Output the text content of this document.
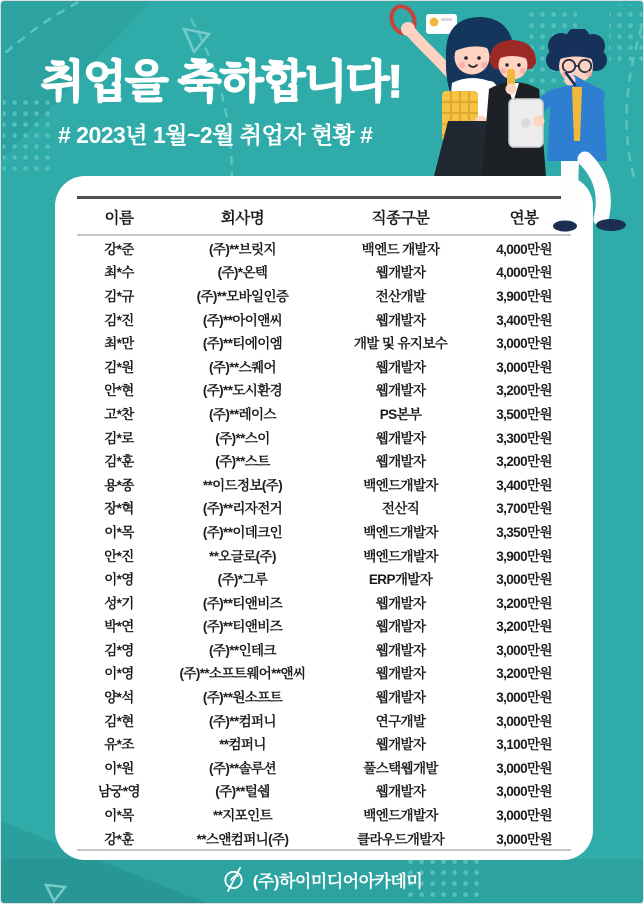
취업을 축하합니다!
# 2023년 1월~2월 취업자 현황 #
이름	회사명	직종구분	연봉
강*준	(주)**브릿지	백엔드 개발자	4,000만원
최*수	(주)*온텍	웹개발자	4,000만원
김*규	(주)**모바일인증	전산개발	3,900만원
김*진	(주)**아이앤씨	웹개발자	3,400만원
최*만	(주)**티에이엠	개발 및 유지보수	3,000만원
김*원	(주)**스퀘어	웹개발자	3,000만원
안*현	(주)**도시환경	웹개발자	3,200만원
고*찬	(주)**레이스	PS본부	3,500만원
김*로	(주)**스이	웹개발자	3,300만원
김*훈	(주)**스트	웹개발자	3,200만원
용*종	**이드정보(주)	백엔드개발자	3,400만원
장*혁	(주)**리자전거	전산직	3,700만원
이*목	(주)**이데크인	백엔드개발자	3,350만원
안*진	**오글로(주)	백엔드개발자	3,900만원
이*영	(주)*그루	ERP개발자	3,000만원
성*기	(주)**티앤비즈	웹개발자	3,200만원
박*연	(주)**티앤비즈	웹개발자	3,200만원
김*영	(주)**인테크	웹개발자	3,000만원
이*영	(주)**소프트웨어**앤씨	웹개발자	3,200만원
양*석	(주)**원소프트	웹개발자	3,000만원
김*현	(주)**컴퍼니	연구개발	3,000만원
유*조	**컴퍼니	웹개발자	3,100만원
이*원	(주)**솔루션	풀스택웹개발	3,000만원
남궁*영	(주)**털쉡	웹개발자	3,000만원
이*목	**지포인트	백엔드개발자	3,000만원
강*훈	**스앤컴퍼니(주)	클라우드개발자	3,000만원
(주)하이미디어아카데미
